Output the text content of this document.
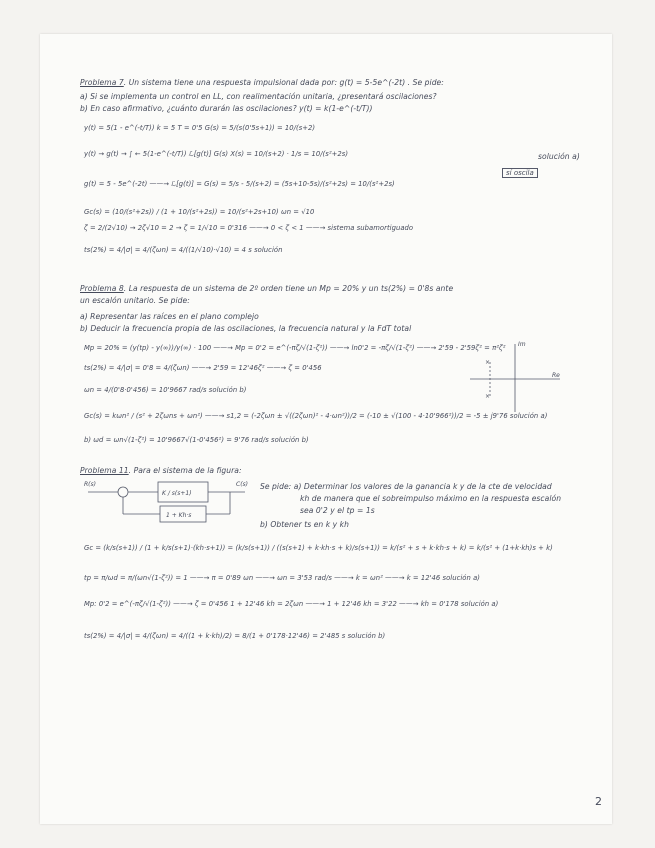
Problema 7. Un sistema tiene una respuesta impulsional dada por: g(t) = 5-5e^(-2t) . Se pide:
a) Si se implementa un control en LL, con realimentación unitaria, ¿presentará oscilaciones?
b) En caso afirmativo, ¿cuánto durarán las oscilaciones? y(t) = k(1-e^(-t/T))
y(t) = 5(1 - e^(-t/T)) k = 5 T = 0'5 G(s) = 5/(s(0'5s+1)) = 10/(s+2)
y(t) → g(t) → ∫ ← 5(1-e^(-t/T)) ℒ[g(t)] G(s) X(s) = 10/(s+2) · 1/s = 10/(s²+2s)	solución a)
g(t) = 5 - 5e^(-2t) ——→ ℒ[g(t)] = G(s) = 5/s - 5/(s+2) = (5s+10-5s)/(s²+2s) = 10/(s²+2s)
sí oscila
Gc(s) = (10/(s²+2s)) / (1 + 10/(s²+2s)) = 10/(s²+2s+10) ωn = √10
ζ = 2/(2√10) → 2ζ√10 = 2 → ζ = 1/√10 = 0'316 ——→ 0 < ζ < 1 ——→ sistema subamortiguado
ts(2%) = 4/|σ| = 4/(ζωn) = 4/((1/√10)·√10) = 4 s solución
Problema 8. La respuesta de un sistema de 2º orden tiene un Mp = 20% y un ts(2%) = 0'8s ante
un escalón unitario. Se pide:
a) Representar las raíces en el plano complejo
b) Deducir la frecuencia propia de las oscilaciones, la frecuencia natural y la FdT total
Mp = 20% = (y(tp) - y(∞))/y(∞) · 100 ——→ Mp = 0'2 = e^(-πζ/√(1-ζ²)) ——→ ln0'2 = -πζ/√(1-ζ²) ——→ 2'59 - 2'59ζ² = π²ζ²
ts(2%) = 4/|σ| = 0'8 = 4/(ζωn) ——→ 2'59 = 12'46ζ² ——→ ζ = 0'456
ωn = 4/(0'8·0'456) = 10'9667 rad/s solución b)
Gc(s) = kωn² / (s² + 2ζωns + ωn²) ——→ s1,2 = (-2ζωn ± √((2ζωn)² - 4·ωn²))/2 = (-10 ± √(100 - 4·10'966²))/2 = -5 ± j9'76 solución a)
b) ωd = ωn√(1-ζ²) = 10'9667√(1-0'456²) = 9'76 rad/s solución b)
Im
Re
×
×
Problema 11. Para el sistema de la figura:
R(s)
K / s(s+1)
C(s)
1 + Kh·s
Se pide: a) Determinar los valores de la ganancia k y de la cte de velocidad
kh de manera que el sobreimpulso máximo en la respuesta escalón
sea 0'2 y el tp = 1s
b) Obtener ts en k y kh
Gc = (k/s(s+1)) / (1 + k/s(s+1)·(kh·s+1)) = (k/s(s+1)) / ((s(s+1) + k·kh·s + k)/s(s+1)) = k/(s² + s + k·kh·s + k) = k/(s² + (1+k·kh)s + k)
tp = π/ωd = π/(ωn√(1-ζ²)) = 1 ——→ π = 0'89 ωn ——→ ωn = 3'53 rad/s ——→ k = ωn² ——→ k = 12'46 solución a)
Mp: 0'2 = e^(-πζ/√(1-ζ²)) ——→ ζ = 0'456 1 + 12'46 kh = 2ζωn ——→ 1 + 12'46 kh = 3'22 ——→ kh = 0'178 solución a)
ts(2%) = 4/|σ| = 4/(ζωn) = 4/((1 + k·kh)/2) = 8/(1 + 0'178·12'46) = 2'485 s solución b)
2
